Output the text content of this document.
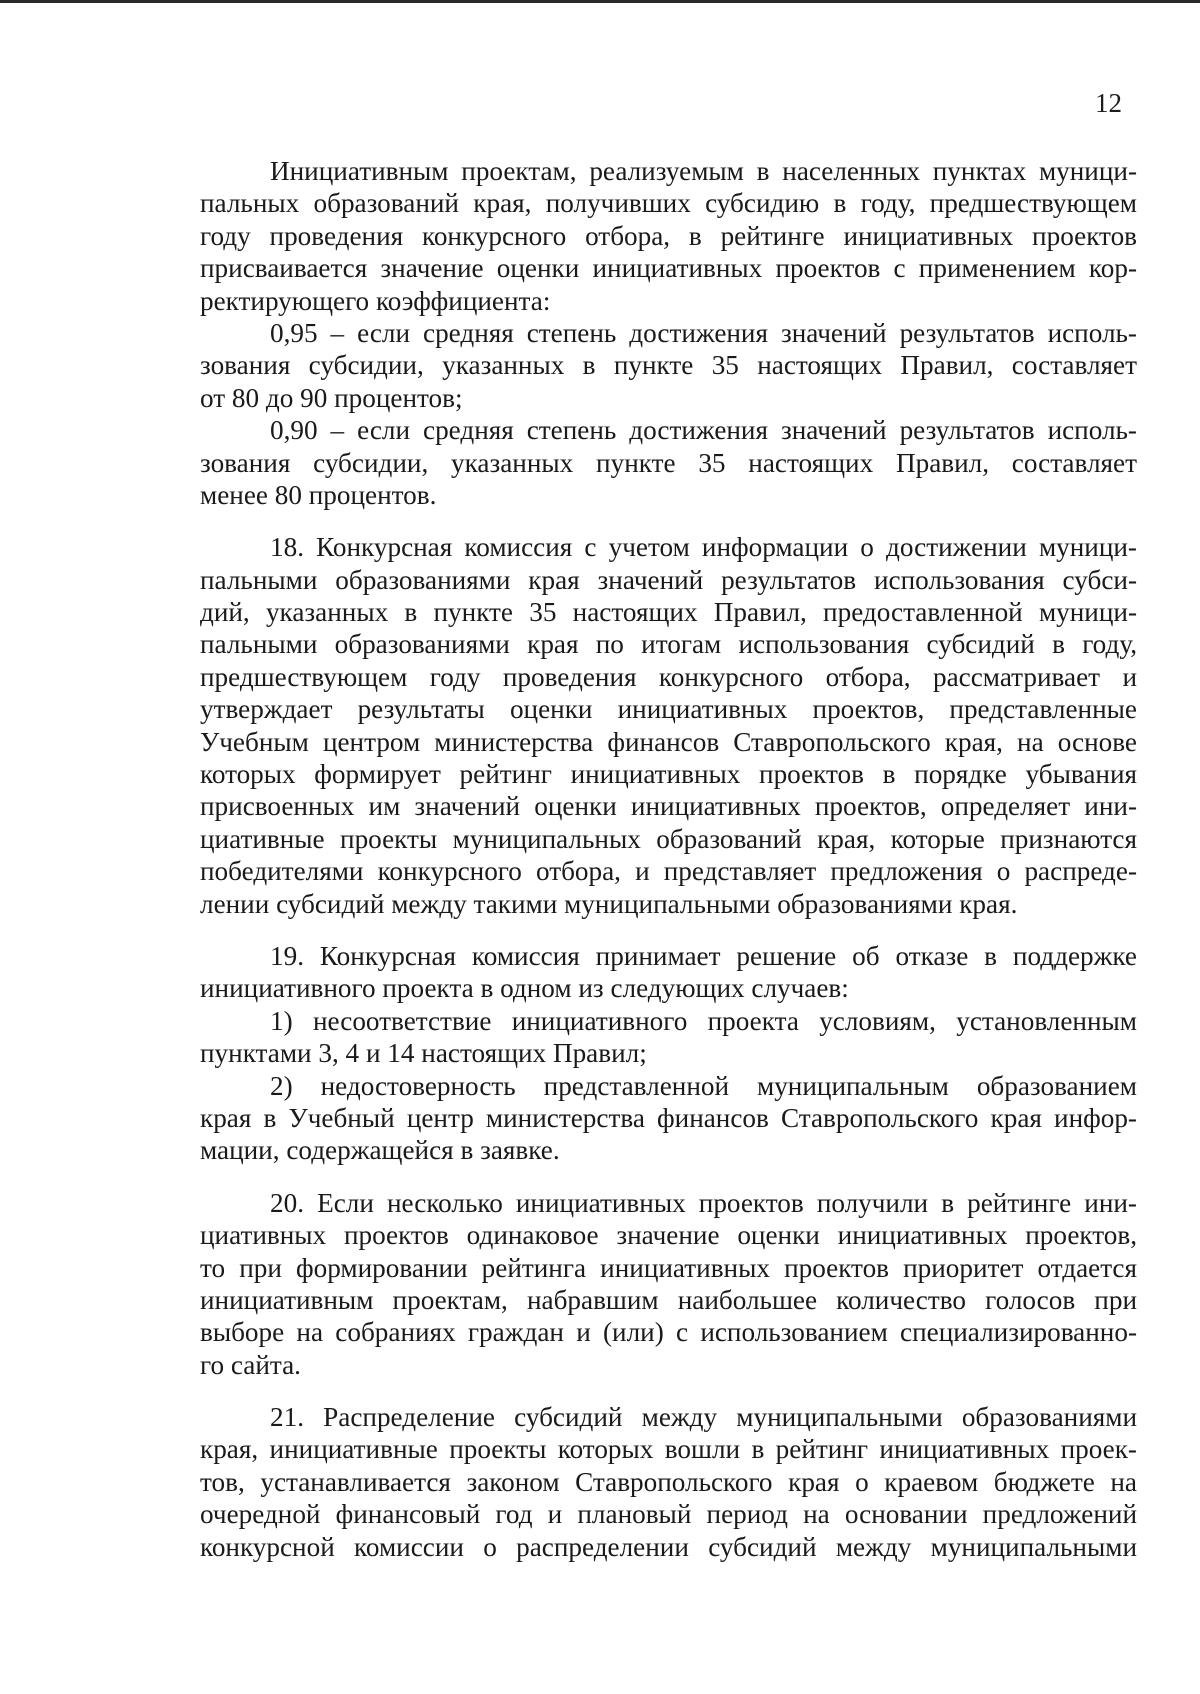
12
Инициативным проектам, реализуемым в населенных пунктах муници-
пальных образований края, получивших субсидию в году, предшествующем
году проведения конкурсного отбора, в рейтинге инициативных проектов
присваивается значение оценки инициативных проектов с применением кор-
ректирующего коэффициента:
0,95 – если средняя степень достижения значений результатов исполь-
зования субсидии, указанных в пункте 35 настоящих Правил, составляет
от 80 до 90 процентов;
0,90 – если средняя степень достижения значений результатов исполь-
зования субсидии, указанных пункте 35 настоящих Правил, составляет
менее 80 процентов.
18. Конкурсная комиссия с учетом информации о достижении муници-
пальными образованиями края значений результатов использования субси-
дий, указанных в пункте 35 настоящих Правил, предоставленной муници-
пальными образованиями края по итогам использования субсидий в году,
предшествующем году проведения конкурсного отбора, рассматривает и
утверждает результаты оценки инициативных проектов, представленные
Учебным центром министерства финансов Ставропольского края, на основе
которых формирует рейтинг инициативных проектов в порядке убывания
присвоенных им значений оценки инициативных проектов, определяет ини-
циативные проекты муниципальных образований края, которые признаются
победителями конкурсного отбора, и представляет предложения о распреде-
лении субсидий между такими муниципальными образованиями края.
19. Конкурсная комиссия принимает решение об отказе в поддержке
инициативного проекта в одном из следующих случаев:
1) несоответствие инициативного проекта условиям, установленным
пунктами 3, 4 и 14 настоящих Правил;
2) недостоверность представленной муниципальным образованием
края в Учебный центр министерства финансов Ставропольского края инфор-
мации, содержащейся в заявке.
20. Если несколько инициативных проектов получили в рейтинге ини-
циативных проектов одинаковое значение оценки инициативных проектов,
то при формировании рейтинга инициативных проектов приоритет отдается
инициативным проектам, набравшим наибольшее количество голосов при
выборе на собраниях граждан и (или) с использованием специализированно-
го сайта.
21. Распределение субсидий между муниципальными образованиями
края, инициативные проекты которых вошли в рейтинг инициативных проек-
тов, устанавливается законом Ставропольского края о краевом бюджете на
очередной финансовый год и плановый период на основании предложений
конкурсной комиссии о распределении субсидий между муниципальными
